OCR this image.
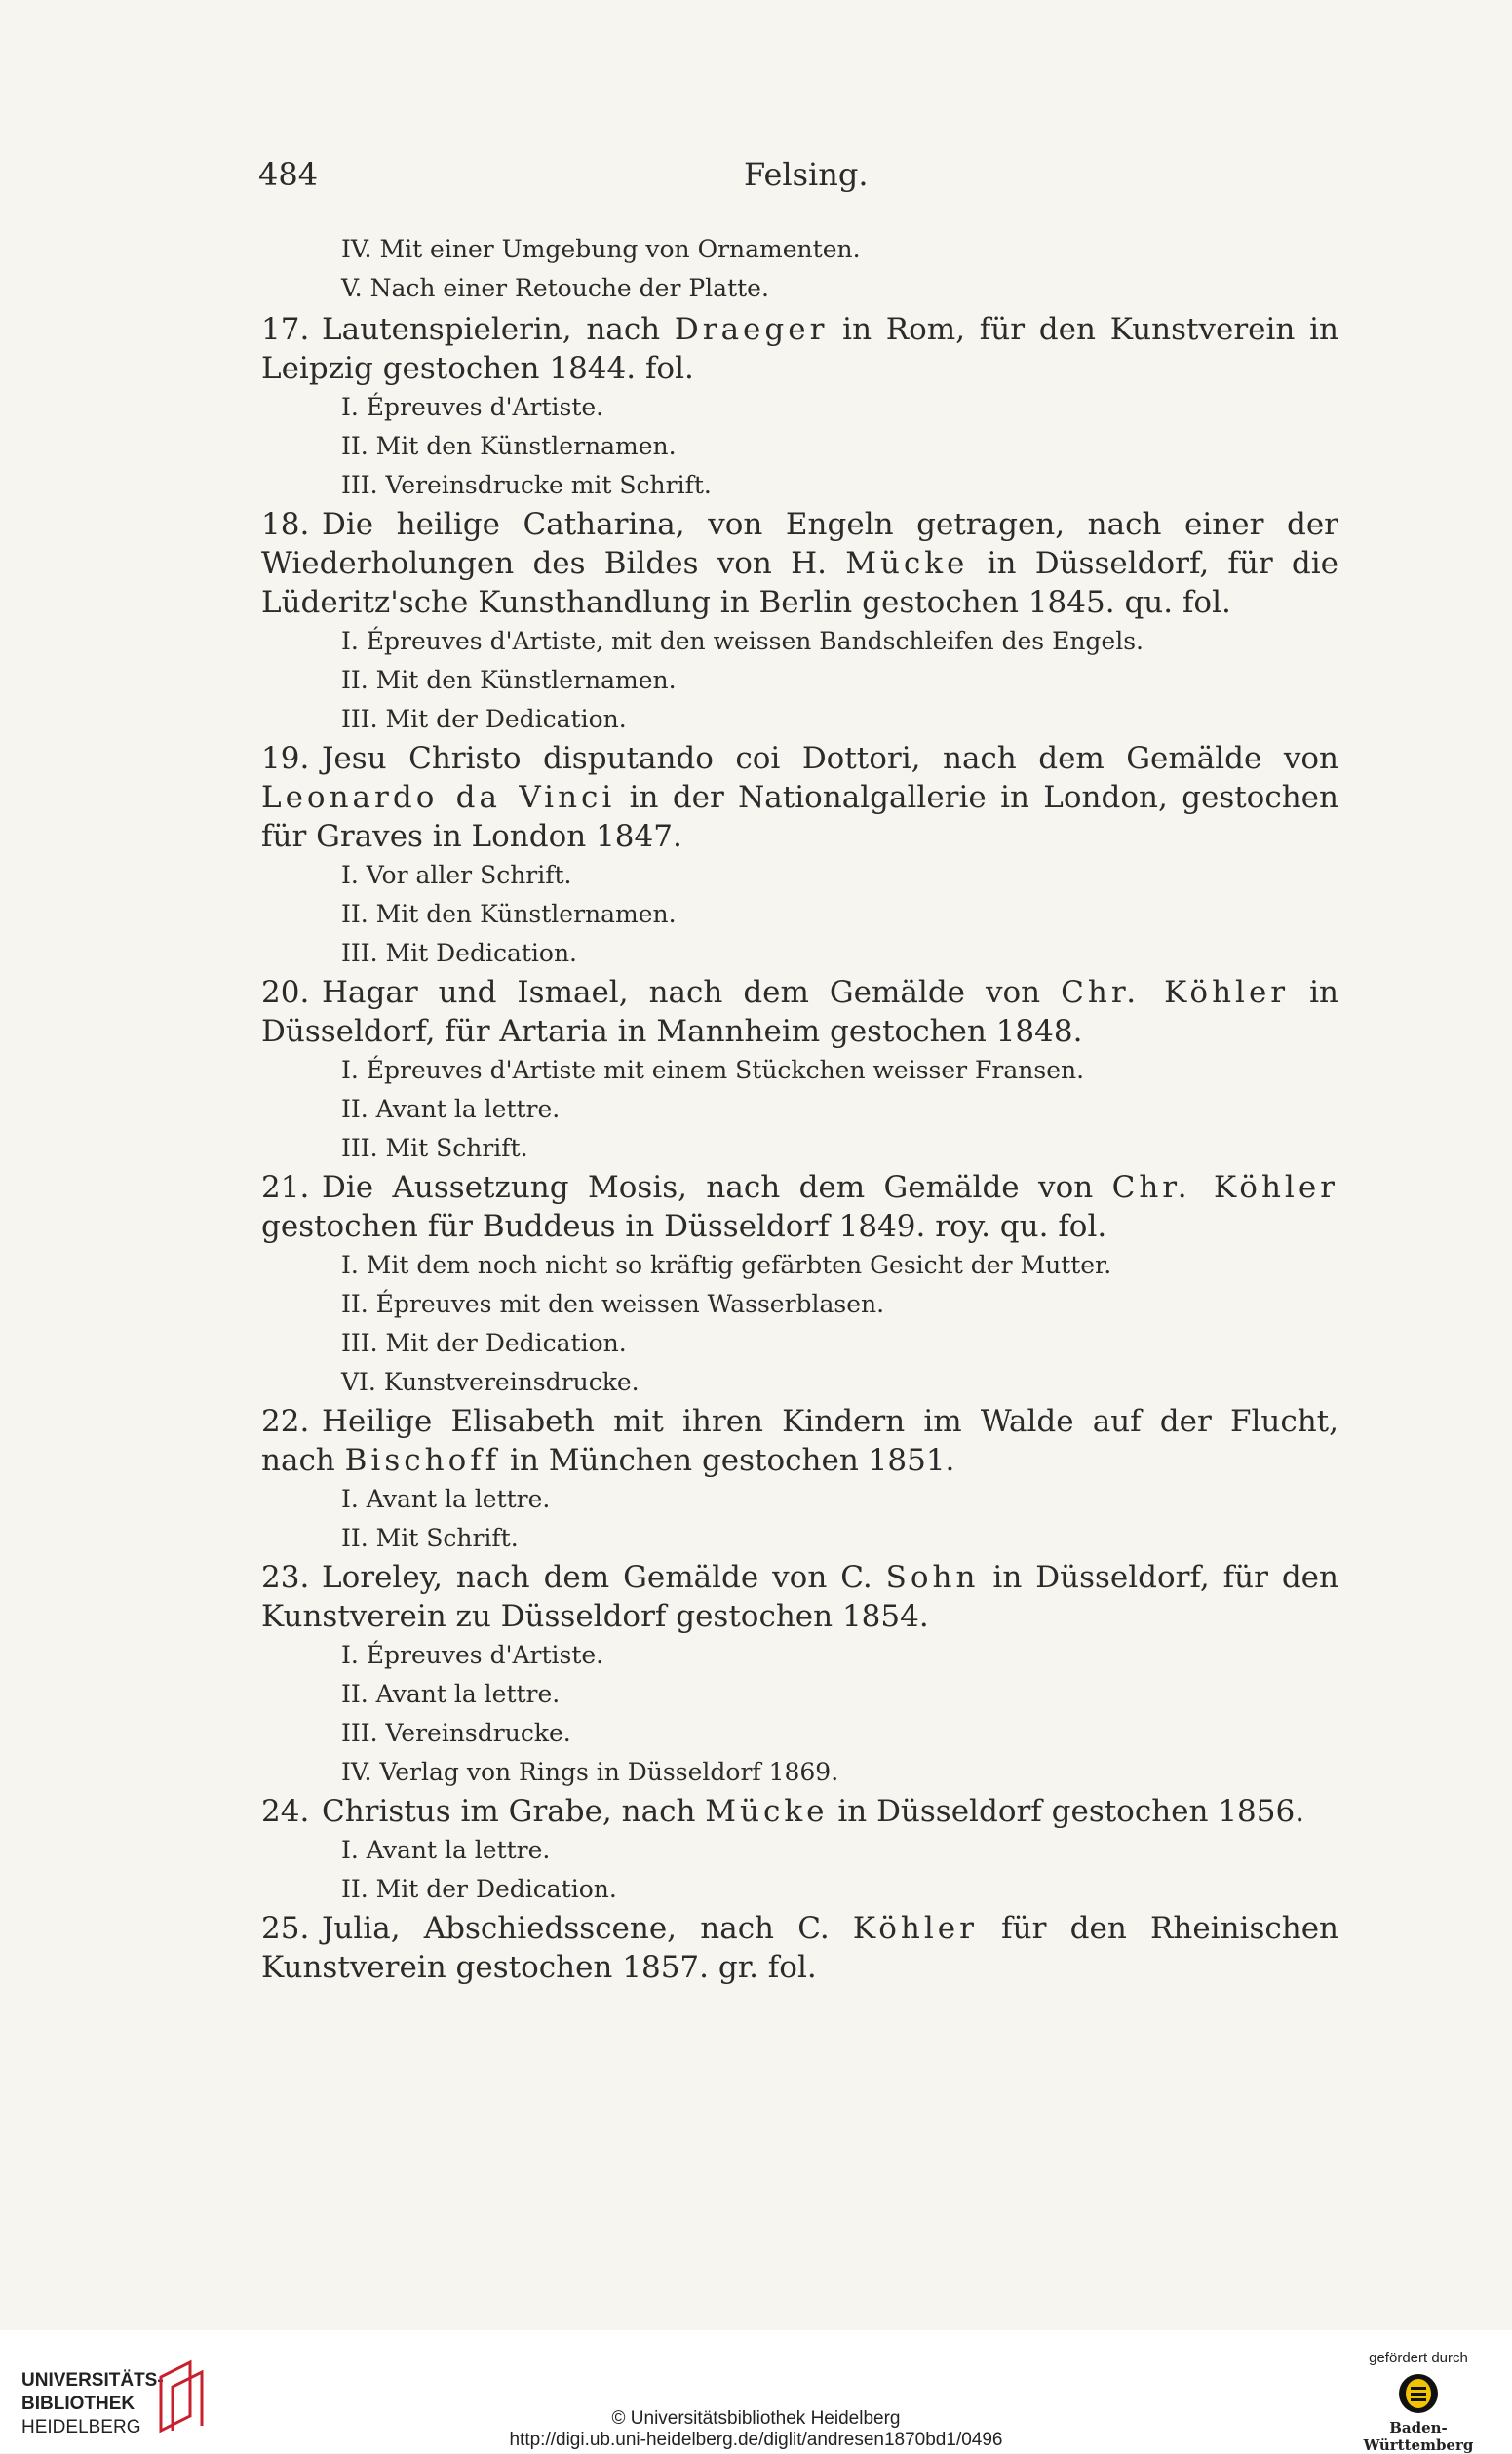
484	Felsing.
IV. Mit einer Umgebung von Ornamenten.
V. Nach einer Retouche der Platte.
17. Lautenspielerin, nach Draeger in Rom, für den Kunstverein in Leipzig gestochen 1844. fol.
I. Épreuves d'Artiste.
II. Mit den Künstlernamen.
III. Vereinsdrucke mit Schrift.
18. Die heilige Catharina, von Engeln getragen, nach einer der Wiederholungen des Bildes von H. Mücke in Düsseldorf, für die Lüderitz'sche Kunsthandlung in Berlin gestochen 1845. qu. fol.
I. Épreuves d'Artiste, mit den weissen Bandschleifen des Engels.
II. Mit den Künstlernamen.
III. Mit der Dedication.
19. Jesu Christo disputando coi Dottori, nach dem Gemälde von Leonardo da Vinci in der Nationalgallerie in London, gestochen für Graves in London 1847.
I. Vor aller Schrift.
II. Mit den Künstlernamen.
III. Mit Dedication.
20. Hagar und Ismael, nach dem Gemälde von Chr. Köhler in Düsseldorf, für Artaria in Mannheim gestochen 1848.
I. Épreuves d'Artiste mit einem Stückchen weisser Fransen.
II. Avant la lettre.
III. Mit Schrift.
21. Die Aussetzung Mosis, nach dem Gemälde von Chr. Köhler gestochen für Buddeus in Düsseldorf 1849. roy. qu. fol.
I. Mit dem noch nicht so kräftig gefärbten Gesicht der Mutter.
II. Épreuves mit den weissen Wasserblasen.
III. Mit der Dedication.
VI. Kunstvereinsdrucke.
22. Heilige Elisabeth mit ihren Kindern im Walde auf der Flucht, nach Bischoff in München gestochen 1851.
I. Avant la lettre.
II. Mit Schrift.
23. Loreley, nach dem Gemälde von C. Sohn in Düsseldorf, für den Kunstverein zu Düsseldorf gestochen 1854.
I. Épreuves d'Artiste.
II. Avant la lettre.
III. Vereinsdrucke.
IV. Verlag von Rings in Düsseldorf 1869.
24. Christus im Grabe, nach Mücke in Düsseldorf gestochen 1856.
I. Avant la lettre.
II. Mit der Dedication.
25. Julia, Abschiedsscene, nach C. Köhler für den Rheinischen Kunstverein gestochen 1857. gr. fol.
UNIVERSITÄTS-
BIBLIOTHEK
HEIDELBERG	© Universitätsbibliothek Heidelberg
http://digi.ub.uni-heidelberg.de/diglit/andresen1870bd1/0496
gefördert durch
Baden-Württemberg
